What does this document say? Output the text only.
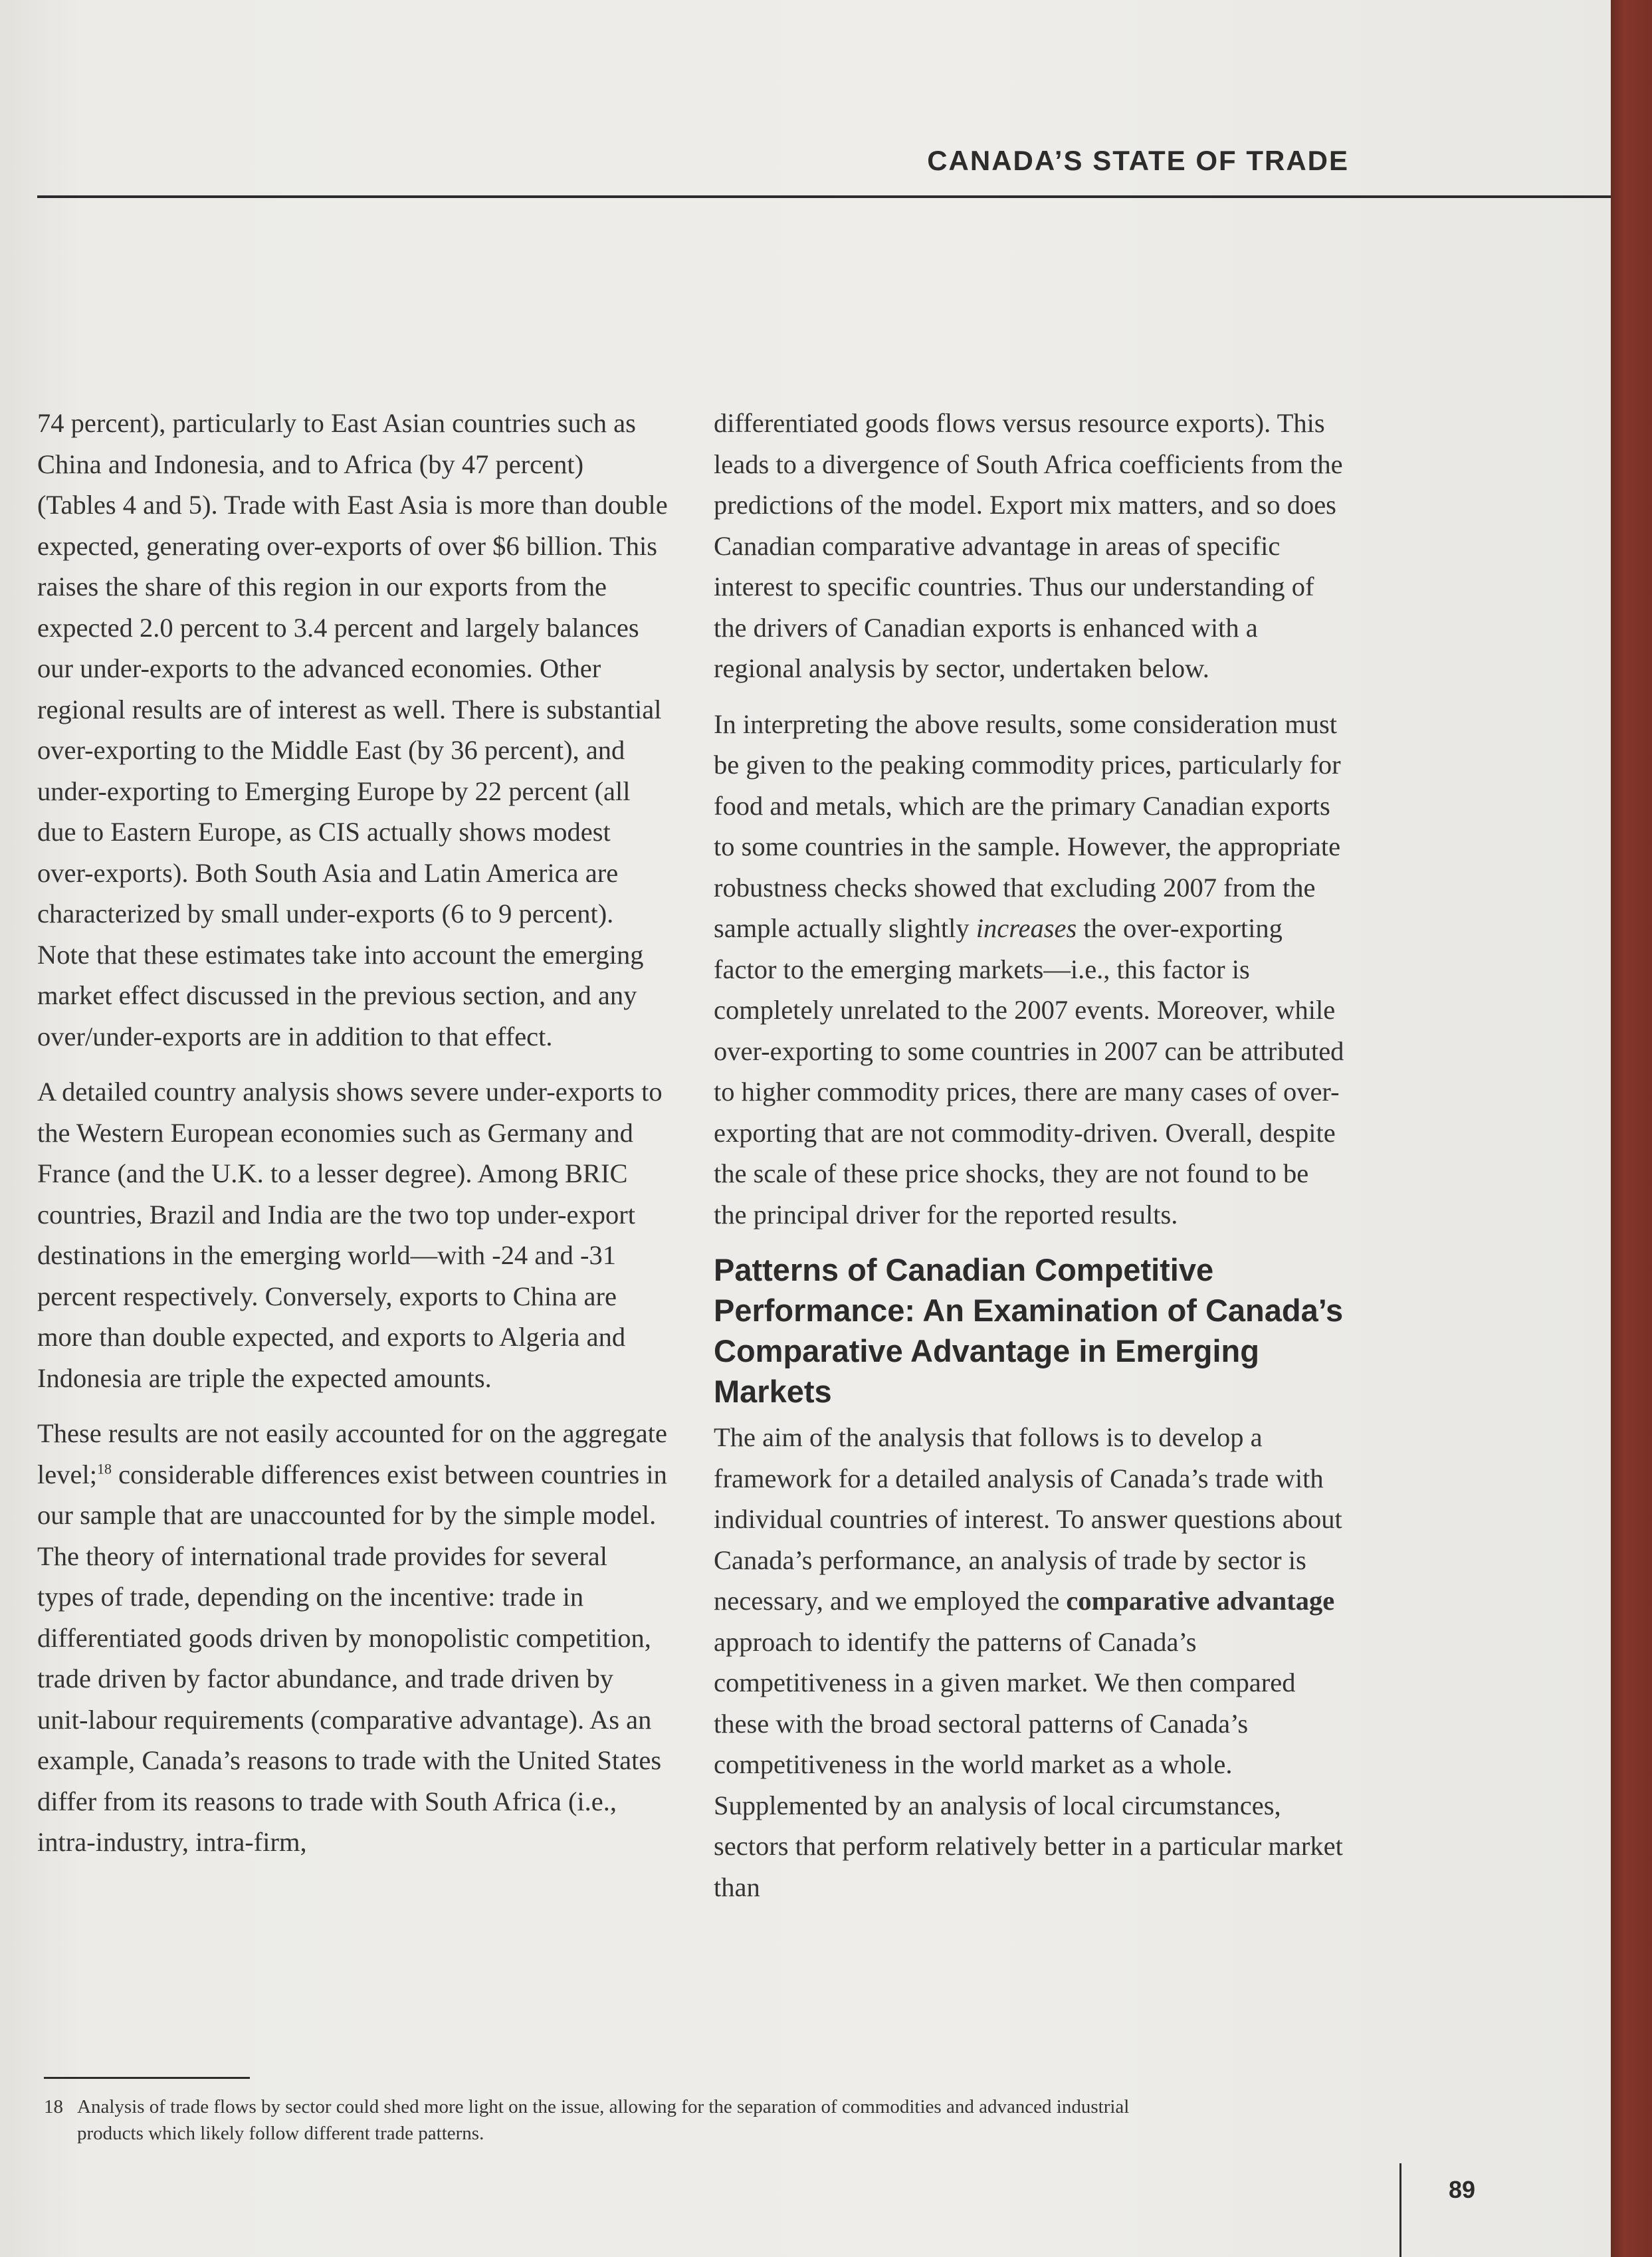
CANADA’S STATE OF TRADE

74 percent), particularly to East Asian countries such as China and Indonesia, and to Africa (by 47 percent) (Tables 4 and 5). Trade with East Asia is more than double expected, generating over-exports of over $6 billion. This raises the share of this region in our exports from the expected 2.0 percent to 3.4 percent and largely balances our under-exports to the advanced economies. Other regional results are of interest as well. There is substantial over-exporting to the Middle East (by 36 percent), and under-exporting to Emerging Europe by 22 percent (all due to Eastern Europe, as CIS actually shows modest over-exports). Both South Asia and Latin America are characterized by small under-exports (6 to 9 percent). Note that these estimates take into account the emerging market effect discussed in the previous section, and any over/under-exports are in addition to that effect.

A detailed country analysis shows severe under-exports to the Western European economies such as Germany and France (and the U.K. to a lesser degree). Among BRIC countries, Brazil and India are the two top under-export destinations in the emerging world—with -24 and -31 percent respectively. Conversely, exports to China are more than double expected, and exports to Algeria and Indonesia are triple the expected amounts.

These results are not easily accounted for on the aggregate level;$^{18}$ considerable differences exist between countries in our sample that are unaccounted for by the simple model. The theory of international trade provides for several types of trade, depending on the incentive: trade in differentiated goods driven by monopolistic competition, trade driven by factor abundance, and trade driven by unit-labour requirements (comparative advantage). As an example, Canada’s reasons to trade with the United States differ from its reasons to trade with South Africa (i.e., intra-industry, intra-firm,

differentiated goods flows versus resource exports). This leads to a divergence of South Africa coefficients from the predictions of the model. Export mix matters, and so does Canadian comparative advantage in areas of specific interest to specific countries. Thus our understanding of the drivers of Canadian exports is enhanced with a regional analysis by sector, undertaken below.

In interpreting the above results, some consideration must be given to the peaking commodity prices, particularly for food and metals, which are the primary Canadian exports to some countries in the sample. However, the appropriate robustness checks showed that excluding 2007 from the sample actually slightly increases the over-exporting factor to the emerging markets—i.e., this factor is completely unrelated to the 2007 events. Moreover, while over-exporting to some countries in 2007 can be attributed to higher commodity prices, there are many cases of over-exporting that are not commodity-driven. Overall, despite the scale of these price shocks, they are not found to be the principal driver for the reported results.

Patterns of Canadian Competitive Performance: An Examination of Canada’s Comparative Advantage in Emerging Markets

The aim of the analysis that follows is to develop a framework for a detailed analysis of Canada’s trade with individual countries of interest. To answer questions about Canada’s performance, an analysis of trade by sector is necessary, and we employed the comparative advantage approach to identify the patterns of Canada’s competitiveness in a given market. We then compared these with the broad sectoral patterns of Canada’s competitiveness in the world market as a whole. Supplemented by an analysis of local circumstances, sectors that perform relatively better in a particular market than

18 Analysis of trade flows by sector could shed more light on the issue, allowing for the separation of commodities and advanced industrial
products which likely follow different trade patterns.
89
